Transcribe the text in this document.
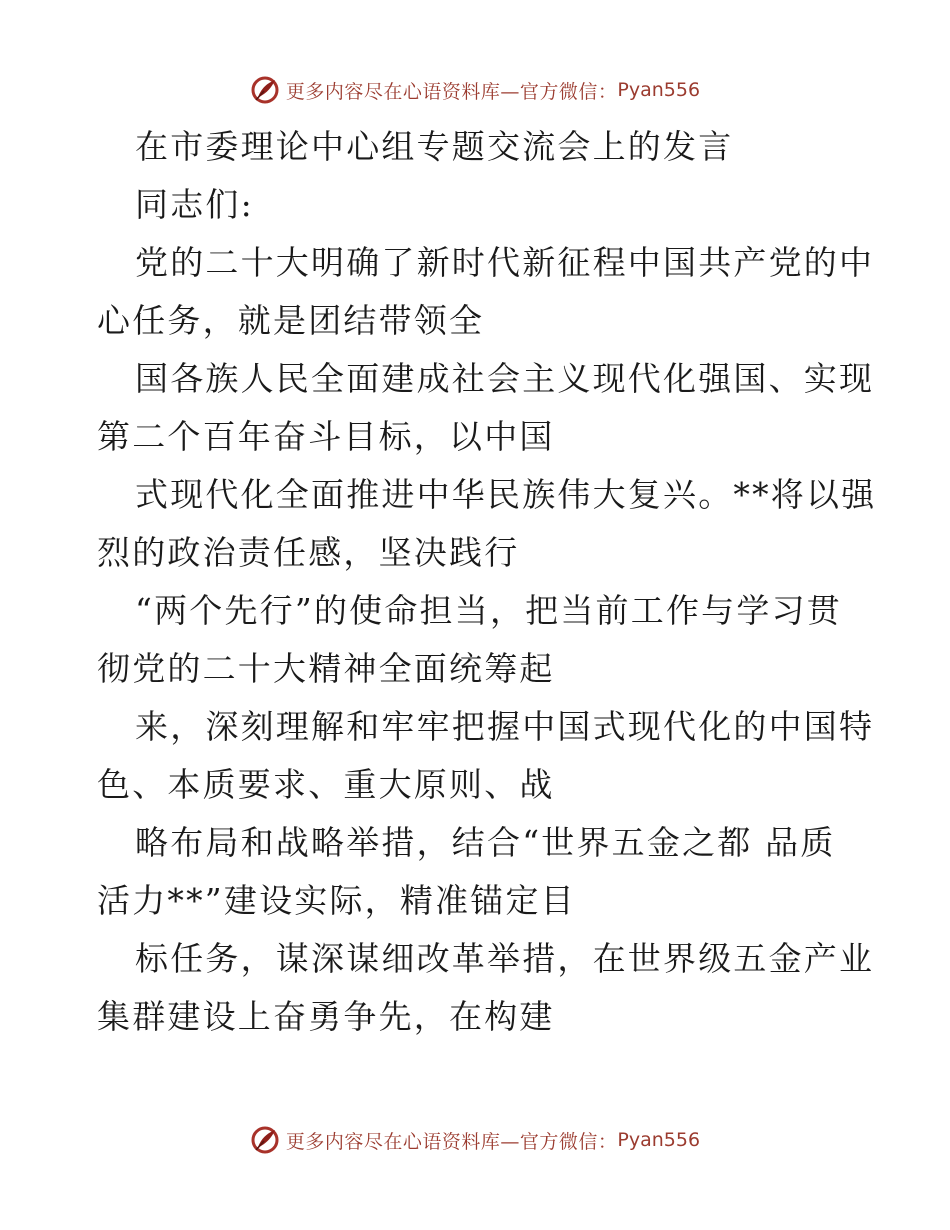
更多内容尽在心语资料库—官方微信： Pyan556
在市委理论中心组专题交流会上的发言
同志们:
党的二十大明确了新时代新征程中国共产党的中
心任务，就是团结带领全
国各族人民全面建成社会主义现代化强国、实现
第二个百年奋斗目标，以中国
式现代化全面推进中华民族伟大复兴。**将以强
烈的政治责任感，坚决践行
“两个先行”的使命担当，把当前工作与学习贯
彻党的二十大精神全面统筹起
来，深刻理解和牢牢把握中国式现代化的中国特
色、本质要求、重大原则、战
略布局和战略举措，结合“世界五金之都 品质
活力**”建设实际，精准锚定目
标任务，谋深谋细改革举措，在世界级五金产业
集群建设上奋勇争先，在构建
更多内容尽在心语资料库—官方微信： Pyan556
